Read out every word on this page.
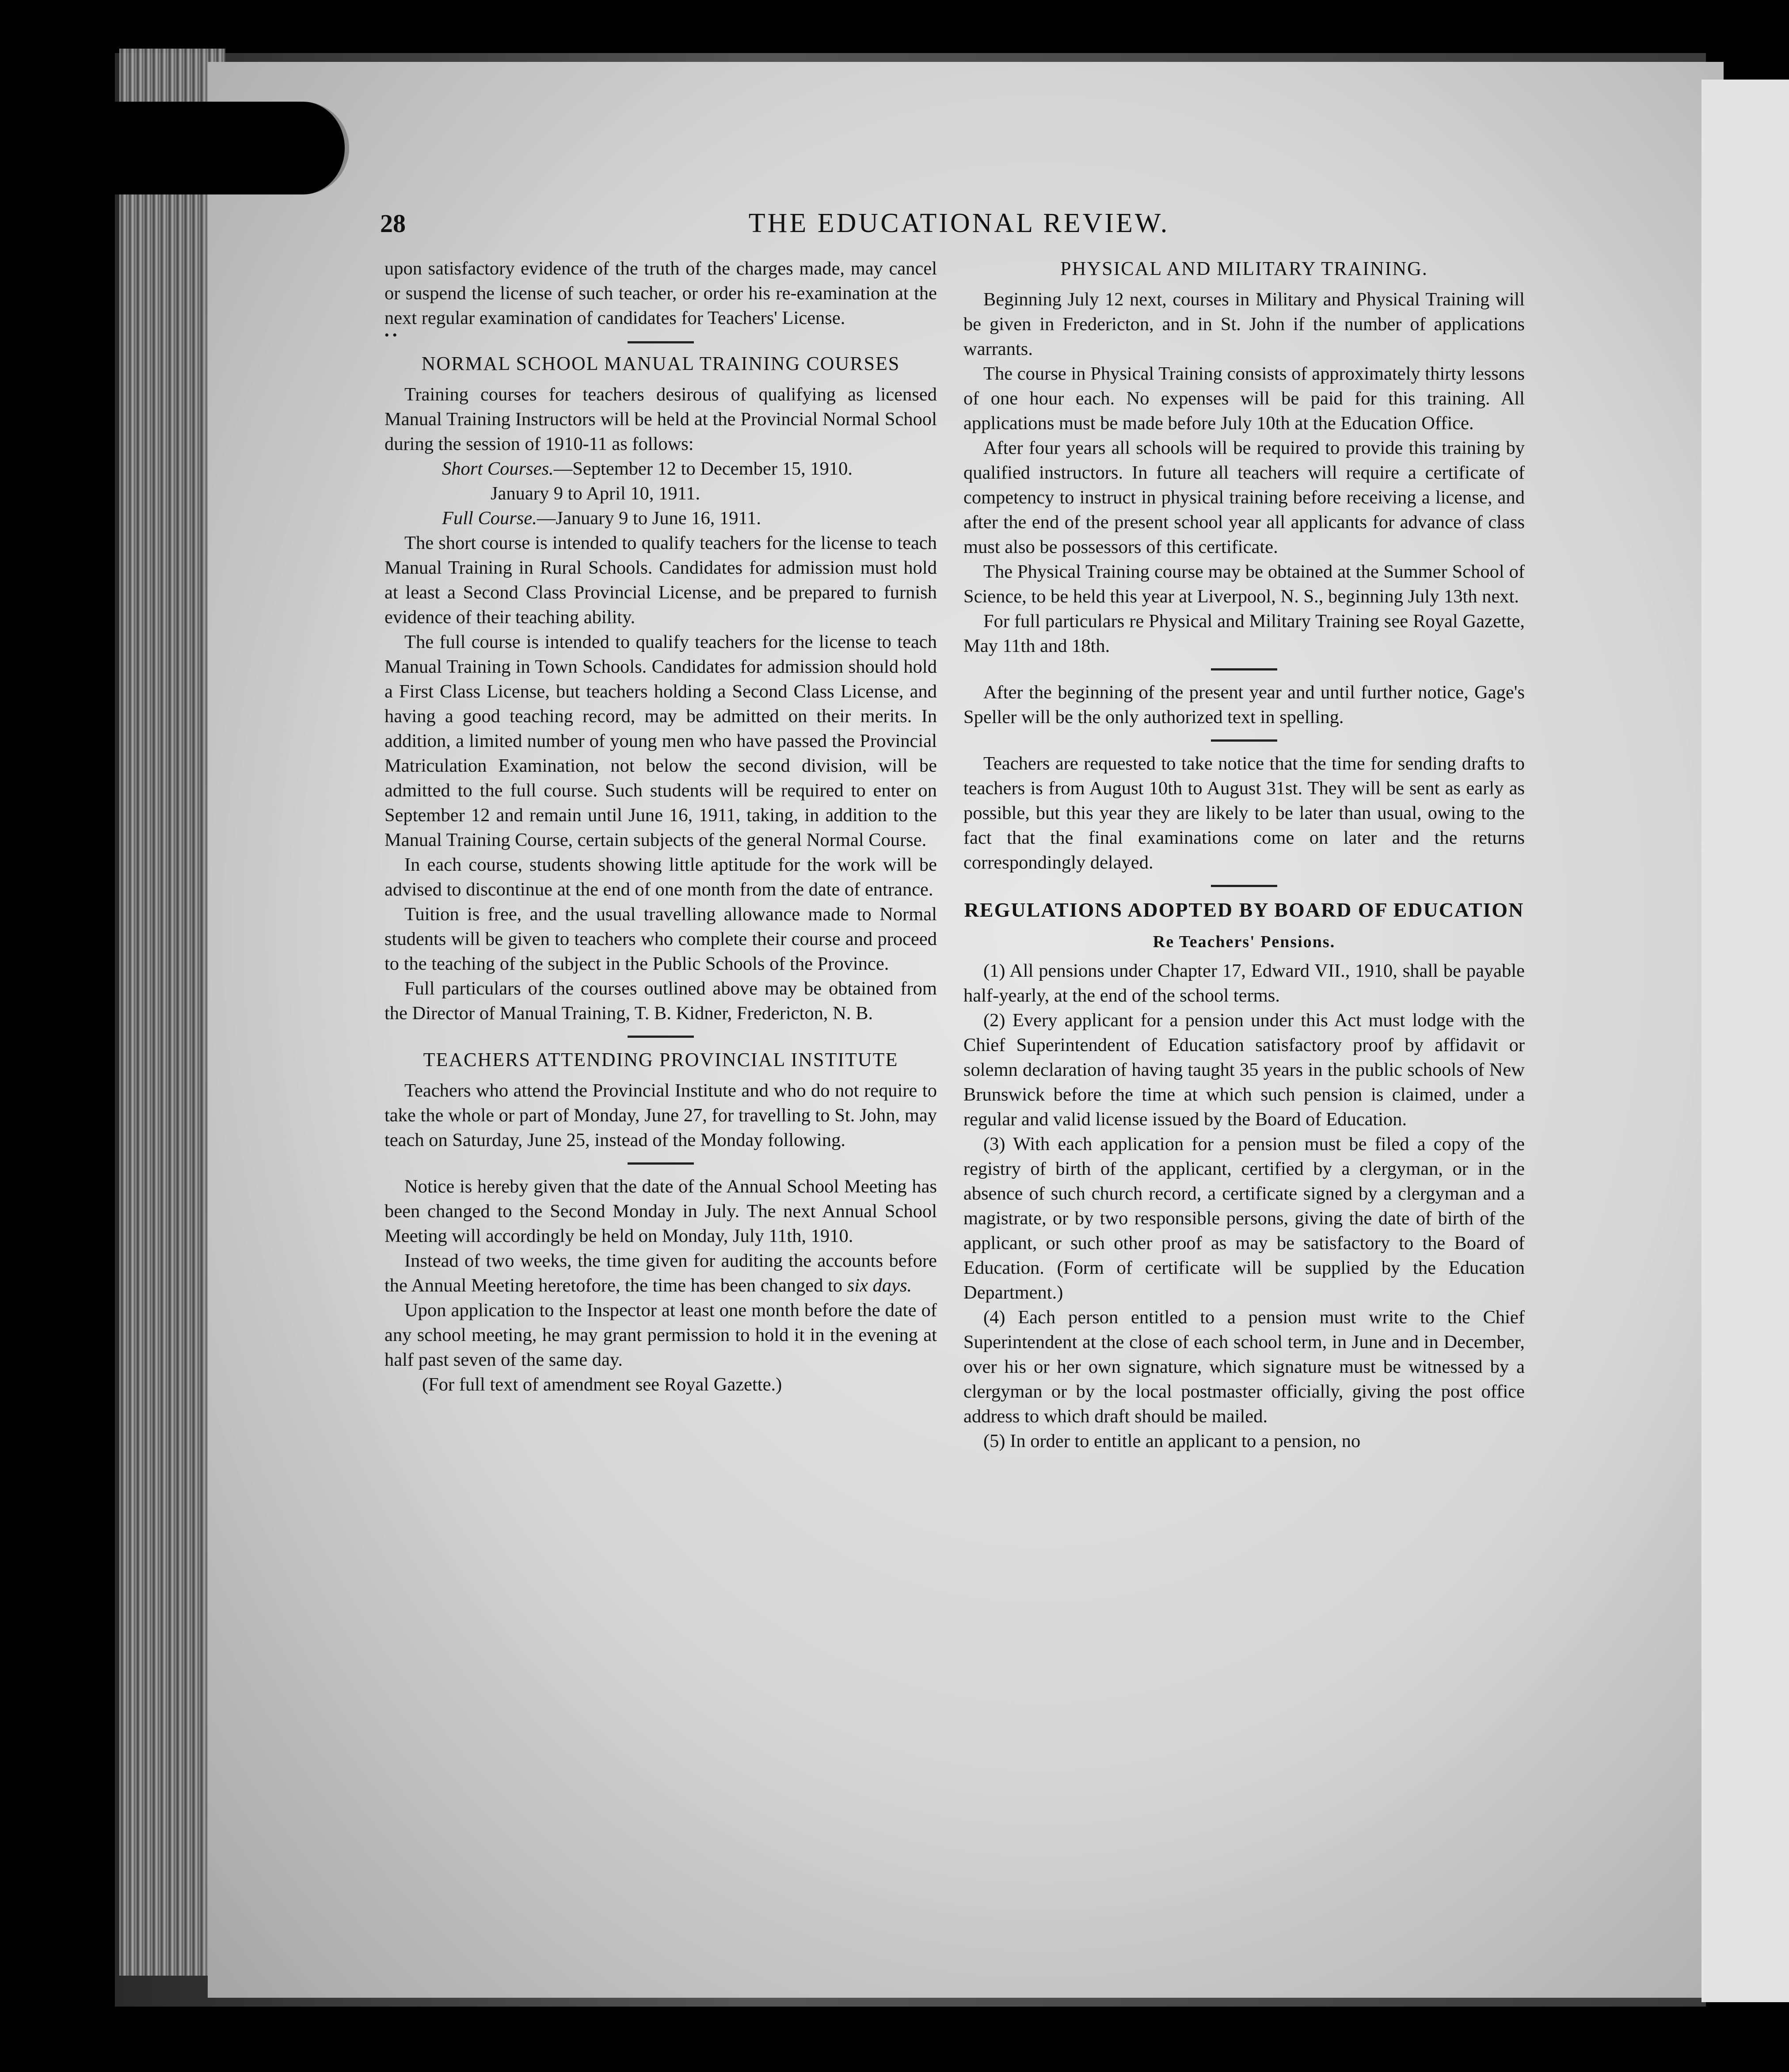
28	THE EDUCATIONAL REVIEW.

upon satisfactory evidence of the truth of the charges made, may cancel or suspend the license of such teacher, or order his re-examination at the next regular examination of candidates for Teachers' License.

• •
NORMAL SCHOOL MANUAL TRAINING COURSES

Training courses for teachers desirous of qualifying as licensed Manual Training Instructors will be held at the Provincial Normal School during the session of 1910-11 as follows:

Short Courses.—September 12 to December 15, 1910.
January 9 to April 10, 1911.
Full Course.—January 9 to June 16, 1911.

The short course is intended to qualify teachers for the license to teach Manual Training in Rural Schools. Candidates for admission must hold at least a Second Class Provincial License, and be prepared to furnish evidence of their teaching ability.

The full course is intended to qualify teachers for the license to teach Manual Training in Town Schools. Candidates for admission should hold a First Class License, but teachers holding a Second Class License, and having a good teaching record, may be admitted on their merits. In addition, a limited number of young men who have passed the Provincial Matriculation Examination, not below the second division, will be admitted to the full course. Such students will be required to enter on September 12 and remain until June 16, 1911, taking, in addition to the Manual Training Course, certain subjects of the general Normal Course.

In each course, students showing little aptitude for the work will be advised to discontinue at the end of one month from the date of entrance.

Tuition is free, and the usual travelling allowance made to Normal students will be given to teachers who complete their course and proceed to the teaching of the subject in the Public Schools of the Province.

Full particulars of the courses outlined above may be obtained from the Director of Manual Training, T. B. Kidner, Fredericton, N. B.

TEACHERS ATTENDING PROVINCIAL INSTITUTE

Teachers who attend the Provincial Institute and who do not require to take the whole or part of Monday, June 27, for travelling to St. John, may teach on Saturday, June 25, instead of the Monday following.

Notice is hereby given that the date of the Annual School Meeting has been changed to the Second Monday in July. The next Annual School Meeting will accordingly be held on Monday, July 11th, 1910.

Instead of two weeks, the time given for auditing the accounts before the Annual Meeting heretofore, the time has been changed to six days.

Upon application to the Inspector at least one month before the date of any school meeting, he may grant permission to hold it in the evening at half past seven of the same day.

(For full text of amendment see Royal Gazette.)

PHYSICAL AND MILITARY TRAINING.

Beginning July 12 next, courses in Military and Physical Training will be given in Fredericton, and in St. John if the number of applications warrants.

The course in Physical Training consists of approximately thirty lessons of one hour each. No expenses will be paid for this training. All applications must be made before July 10th at the Education Office.

After four years all schools will be required to provide this training by qualified instructors. In future all teachers will require a certificate of competency to instruct in physical training before receiving a license, and after the end of the present school year all applicants for advance of class must also be possessors of this certificate.

The Physical Training course may be obtained at the Summer School of Science, to be held this year at Liverpool, N. S., beginning July 13th next.

For full particulars re Physical and Military Training see Royal Gazette, May 11th and 18th.

After the beginning of the present year and until further notice, Gage's Speller will be the only authorized text in spelling.

Teachers are requested to take notice that the time for sending drafts to teachers is from August 10th to August 31st. They will be sent as early as possible, but this year they are likely to be later than usual, owing to the fact that the final examinations come on later and the returns correspondingly delayed.

REGULATIONS ADOPTED BY BOARD OF EDUCATION
Re Teachers' Pensions.

(1) All pensions under Chapter 17, Edward VII., 1910, shall be payable half-yearly, at the end of the school terms.

(2) Every applicant for a pension under this Act must lodge with the Chief Superintendent of Education satisfactory proof by affidavit or solemn declaration of having taught 35 years in the public schools of New Brunswick before the time at which such pension is claimed, under a regular and valid license issued by the Board of Education.

(3) With each application for a pension must be filed a copy of the registry of birth of the applicant, certified by a clergyman, or in the absence of such church record, a certificate signed by a clergyman and a magistrate, or by two responsible persons, giving the date of birth of the applicant, or such other proof as may be satisfactory to the Board of Education. (Form of certificate will be supplied by the Education Department.)

(4) Each person entitled to a pension must write to the Chief Superintendent at the close of each school term, in June and in December, over his or her own signature, which signature must be witnessed by a clergyman or by the local postmaster officially, giving the post office address to which draft should be mailed.

(5) In order to entitle an applicant to a pension, no
